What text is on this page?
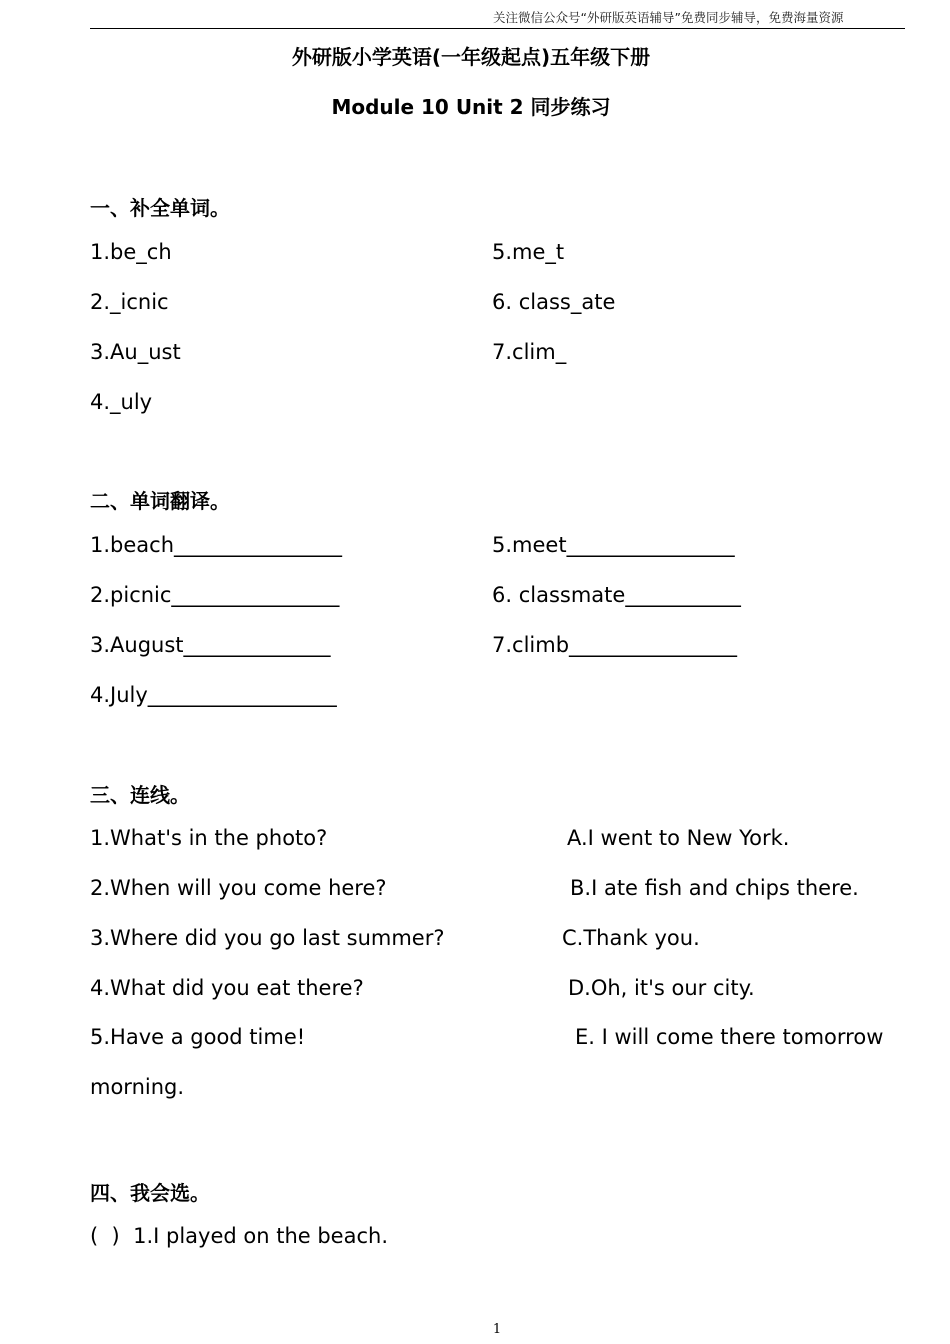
关注微信公众号“外研版英语辅导”免费同步辅导，免费海量资源
外研版小学英语(一年级起点)五年级下册
Module 10 Unit 2 同步练习
一、补全单词。
1.be_ch
2._icnic
3.Au_ust
4._uly
5.me_t
6. class_ate
7.clim_
二、单词翻译。
1.beach________________
2.picnic________________
3.August______________
4.July__________________
5.meet________________
6. classmate___________
7.climb________________
三、连线。
1.What's in the photo?
2.When will you come here?
3.Where did you go last summer?
4.What did you eat there?
5.Have a good time!
A.I went to New York.
B.I ate fish and chips there.
C.Thank you.
D.Oh, it's our city.
E. I will come there tomorrow
morning.
四、我会选。
(  )  1.I played on the beach.
1
